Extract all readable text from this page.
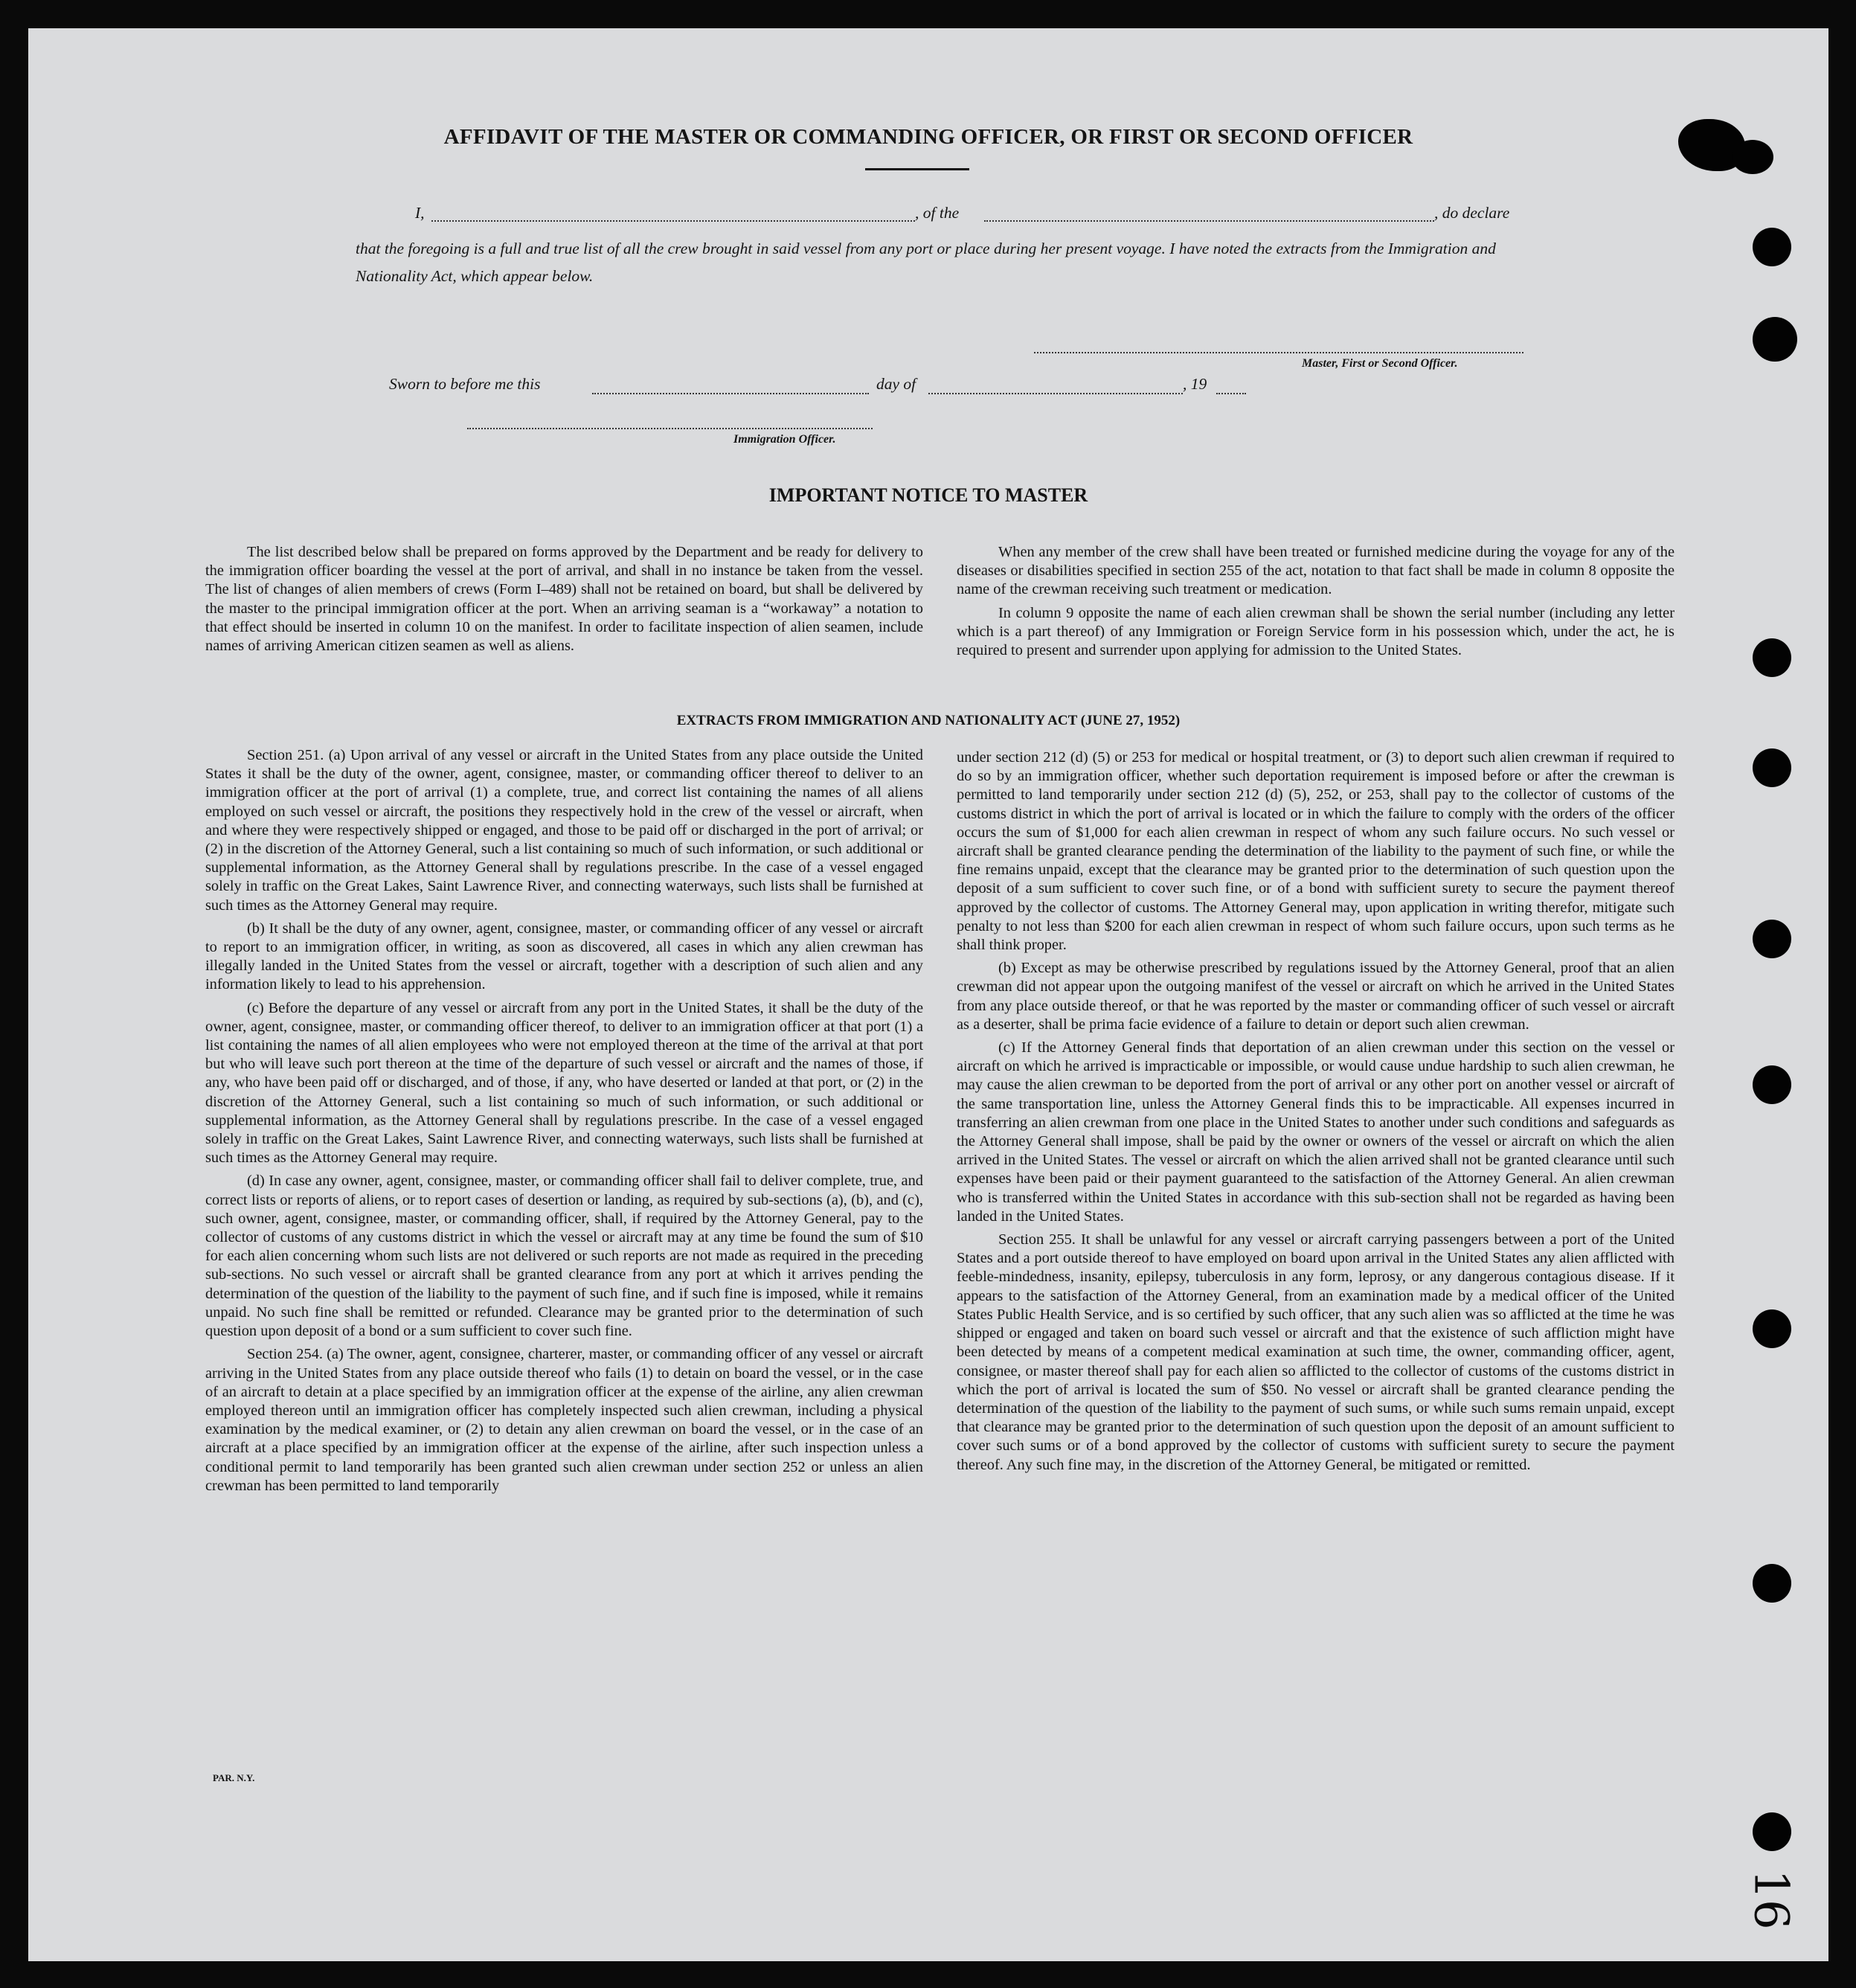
AFFIDAVIT OF THE MASTER OR COMMANDING OFFICER, OR FIRST OR SECOND OFFICER
I,	, of the	, do declare
that the foregoing is a full and true list of all the crew brought in said vessel from any port or place during her present voyage. I have noted the extracts from the Immigration and Nationality Act, which appear below.
Master, First or Second Officer.
Sworn to before me this	day of	, 19
Immigration Officer.
IMPORTANT NOTICE TO MASTER

The list described below shall be prepared on forms approved by the Department and be ready for delivery to the immigration officer boarding the vessel at the port of arrival, and shall in no instance be taken from the vessel. The list of changes of alien members of crews (Form I–489) shall not be retained on board, but shall be delivered by the master to the principal immigration officer at the port. When an arriving seaman is a “workaway” a notation to that effect should be inserted in column 10 on the manifest. In order to facilitate inspection of alien seamen, include names of arriving American citizen seamen as well as aliens.

When any member of the crew shall have been treated or furnished medicine during the voyage for any of the diseases or disabilities specified in section 255 of the act, notation to that fact shall be made in column 8 opposite the name of the crewman receiving such treatment or medication.

In column 9 opposite the name of each alien crewman shall be shown the serial number (including any letter which is a part thereof) of any Immigration or Foreign Service form in his possession which, under the act, he is required to present and surrender upon applying for admission to the United States.

EXTRACTS FROM IMMIGRATION AND NATIONALITY ACT (JUNE 27, 1952)

Section 251. (a) Upon arrival of any vessel or aircraft in the United States from any place outside the United States it shall be the duty of the owner, agent, consignee, master, or commanding officer thereof to deliver to an immigration officer at the port of arrival (1) a complete, true, and correct list containing the names of all aliens employed on such vessel or aircraft, the positions they respectively hold in the crew of the vessel or aircraft, when and where they were respectively shipped or engaged, and those to be paid off or discharged in the port of arrival; or (2) in the discretion of the Attorney General, such a list containing so much of such information, or such additional or supplemental information, as the Attorney General shall by regulations prescribe. In the case of a vessel engaged solely in traffic on the Great Lakes, Saint Lawrence River, and connecting waterways, such lists shall be furnished at such times as the Attorney General may require.

(b) It shall be the duty of any owner, agent, consignee, master, or commanding officer of any vessel or aircraft to report to an immigration officer, in writing, as soon as discovered, all cases in which any alien crewman has illegally landed in the United States from the vessel or aircraft, together with a description of such alien and any information likely to lead to his apprehension.

(c) Before the departure of any vessel or aircraft from any port in the United States, it shall be the duty of the owner, agent, consignee, master, or commanding officer thereof, to deliver to an immigration officer at that port (1) a list containing the names of all alien employees who were not employed thereon at the time of the arrival at that port but who will leave such port thereon at the time of the departure of such vessel or aircraft and the names of those, if any, who have been paid off or discharged, and of those, if any, who have deserted or landed at that port, or (2) in the discretion of the Attorney General, such a list containing so much of such information, or such additional or supplemental information, as the Attorney General shall by regulations prescribe. In the case of a vessel engaged solely in traffic on the Great Lakes, Saint Lawrence River, and connecting waterways, such lists shall be furnished at such times as the Attorney General may require.

(d) In case any owner, agent, consignee, master, or commanding officer shall fail to deliver complete, true, and correct lists or reports of aliens, or to report cases of desertion or landing, as required by sub-sections (a), (b), and (c), such owner, agent, consignee, master, or commanding officer, shall, if required by the Attorney General, pay to the collector of customs of any customs district in which the vessel or aircraft may at any time be found the sum of $10 for each alien concerning whom such lists are not delivered or such reports are not made as required in the preceding sub-sections. No such vessel or aircraft shall be granted clearance from any port at which it arrives pending the determination of the question of the liability to the payment of such fine, and if such fine is imposed, while it remains unpaid. No such fine shall be remitted or refunded. Clearance may be granted prior to the determination of such question upon deposit of a bond or a sum sufficient to cover such fine.

Section 254. (a) The owner, agent, consignee, charterer, master, or commanding officer of any vessel or aircraft arriving in the United States from any place outside thereof who fails (1) to detain on board the vessel, or in the case of an aircraft to detain at a place specified by an immigration officer at the expense of the airline, any alien crewman employed thereon until an immigration officer has completely inspected such alien crewman, including a physical examination by the medical examiner, or (2) to detain any alien crewman on board the vessel, or in the case of an aircraft at a place specified by an immigration officer at the expense of the airline, after such inspection unless a conditional permit to land temporarily has been granted such alien crewman under section 252 or unless an alien crewman has been permitted to land temporarily

under section 212 (d) (5) or 253 for medical or hospital treatment, or (3) to deport such alien crewman if required to do so by an immigration officer, whether such deportation requirement is imposed before or after the crewman is permitted to land temporarily under section 212 (d) (5), 252, or 253, shall pay to the collector of customs of the customs district in which the port of arrival is located or in which the failure to comply with the orders of the officer occurs the sum of $1,000 for each alien crewman in respect of whom any such failure occurs. No such vessel or aircraft shall be granted clearance pending the determination of the liability to the payment of such fine, or while the fine remains unpaid, except that the clearance may be granted prior to the determination of such question upon the deposit of a sum sufficient to cover such fine, or of a bond with sufficient surety to secure the payment thereof approved by the collector of customs. The Attorney General may, upon application in writing therefor, mitigate such penalty to not less than $200 for each alien crewman in respect of whom such failure occurs, upon such terms as he shall think proper.

(b) Except as may be otherwise prescribed by regulations issued by the Attorney General, proof that an alien crewman did not appear upon the outgoing manifest of the vessel or aircraft on which he arrived in the United States from any place outside thereof, or that he was reported by the master or commanding officer of such vessel or aircraft as a deserter, shall be prima facie evidence of a failure to detain or deport such alien crewman.

(c) If the Attorney General finds that deportation of an alien crewman under this section on the vessel or aircraft on which he arrived is impracticable or impossible, or would cause undue hardship to such alien crewman, he may cause the alien crewman to be deported from the port of arrival or any other port on another vessel or aircraft of the same transportation line, unless the Attorney General finds this to be impracticable. All expenses incurred in transferring an alien crewman from one place in the United States to another under such conditions and safeguards as the Attorney General shall impose, shall be paid by the owner or owners of the vessel or aircraft on which the alien arrived in the United States. The vessel or aircraft on which the alien arrived shall not be granted clearance until such expenses have been paid or their payment guaranteed to the satisfaction of the Attorney General. An alien crewman who is transferred within the United States in accordance with this sub-section shall not be regarded as having been landed in the United States.

Section 255. It shall be unlawful for any vessel or aircraft carrying passengers between a port of the United States and a port outside thereof to have employed on board upon arrival in the United States any alien afflicted with feeble-mindedness, insanity, epilepsy, tuberculosis in any form, leprosy, or any dangerous contagious disease. If it appears to the satisfaction of the Attorney General, from an examination made by a medical officer of the United States Public Health Service, and is so certified by such officer, that any such alien was so afflicted at the time he was shipped or engaged and taken on board such vessel or aircraft and that the existence of such affliction might have been detected by means of a competent medical examination at such time, the owner, commanding officer, agent, consignee, or master thereof shall pay for each alien so afflicted to the collector of customs of the customs district in which the port of arrival is located the sum of $50. No vessel or aircraft shall be granted clearance pending the determination of the question of the liability to the payment of such sums, or while such sums remain unpaid, except that clearance may be granted prior to the determination of such question upon the deposit of an amount sufficient to cover such sums or of a bond approved by the collector of customs with sufficient surety to secure the payment thereof. Any such fine may, in the discretion of the Attorney General, be mitigated or remitted.

PAR. N.Y.
16
